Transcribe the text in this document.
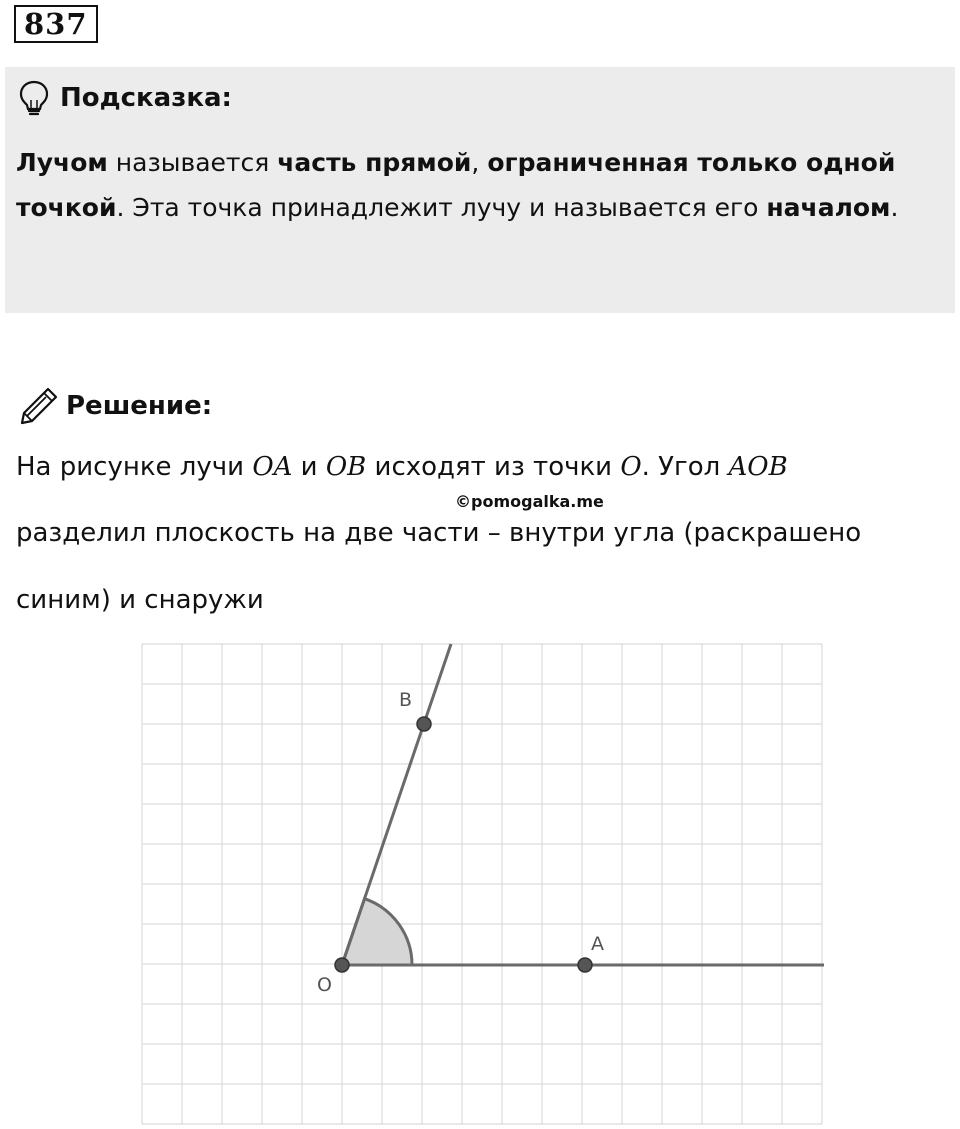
837
Подсказка:
Лучом называется часть прямой, ограниченная только одной точкой. Эта точка принадлежит лучу и называется его началом.
Решение:
На рисунке лучи OA и OB исходят из точки O. Угол AOB
©pomogalka.me
разделил плоскость на две части – внутри угла (раскрашено
синим) и снаружи
O
A
B
